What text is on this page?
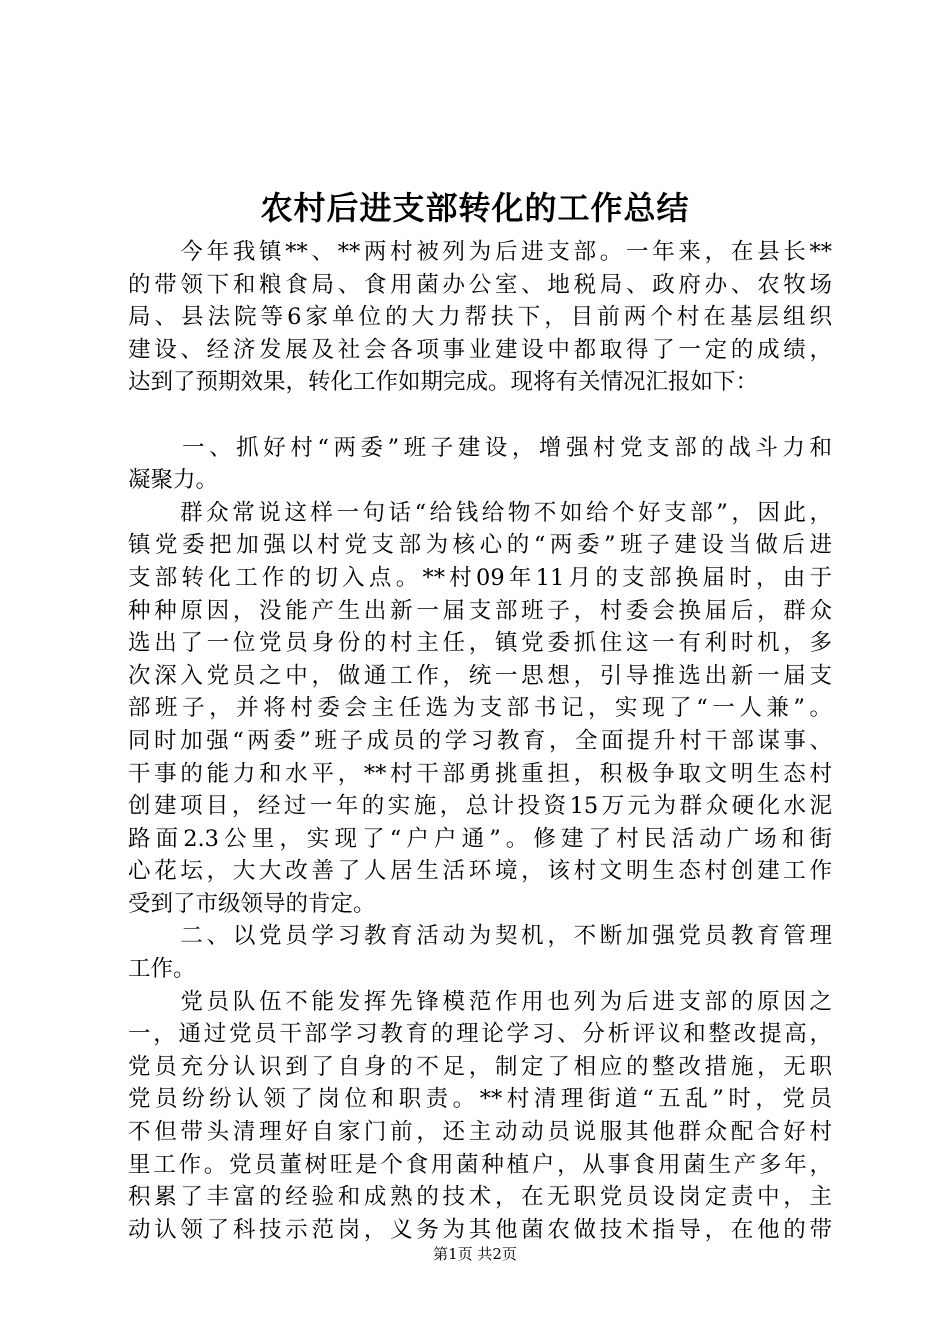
农村后进支部转化的工作总结
　　今年我镇**、**两村被列为后进支部。一年来，在县长**
的带领下和粮食局、食用菌办公室、地税局、政府办、农牧场
局、县法院等6家单位的大力帮扶下，目前两个村在基层组织
建设、经济发展及社会各项事业建设中都取得了一定的成绩，
达到了预期效果，转化工作如期完成。现将有关情况汇报如下：
　　一、抓好村“两委”班子建设，增强村党支部的战斗力和
凝聚力。
　　群众常说这样一句话“给钱给物不如给个好支部”，因此，
镇党委把加强以村党支部为核心的“两委”班子建设当做后进
支部转化工作的切入点。**村09年11月的支部换届时，由于
种种原因，没能产生出新一届支部班子，村委会换届后，群众
选出了一位党员身份的村主任，镇党委抓住这一有利时机，多
次深入党员之中，做通工作，统一思想，引导推选出新一届支
部班子，并将村委会主任选为支部书记，实现了“一人兼”。
同时加强“两委”班子成员的学习教育，全面提升村干部谋事、
干事的能力和水平，**村干部勇挑重担，积极争取文明生态村
创建项目，经过一年的实施，总计投资15万元为群众硬化水泥
路面2.3公里，实现了“户户通”。修建了村民活动广场和街
心花坛，大大改善了人居生活环境，该村文明生态村创建工作
受到了市级领导的肯定。
　　二、以党员学习教育活动为契机，不断加强党员教育管理
工作。
　　党员队伍不能发挥先锋模范作用也列为后进支部的原因之
一，通过党员干部学习教育的理论学习、分析评议和整改提高，
党员充分认识到了自身的不足，制定了相应的整改措施，无职
党员纷纷认领了岗位和职责。**村清理街道“五乱”时，党员
不但带头清理好自家门前，还主动动员说服其他群众配合好村
里工作。党员董树旺是个食用菌种植户，从事食用菌生产多年，
积累了丰富的经验和成熟的技术，在无职党员设岗定责中，主
动认领了科技示范岗，义务为其他菌农做技术指导，在他的带
第1页 共2页
